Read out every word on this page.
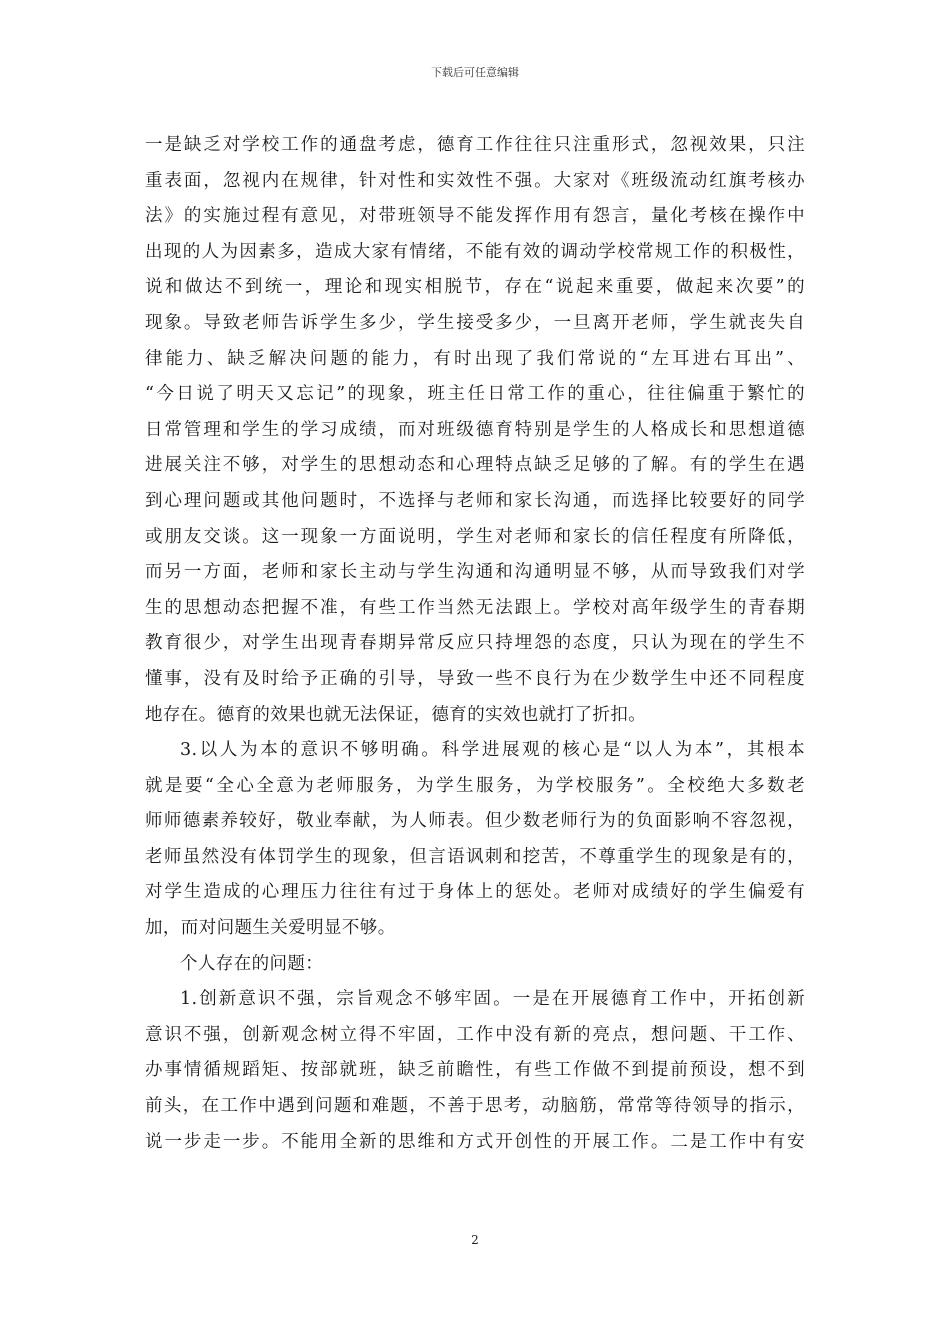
下载后可任意编辑
一是缺乏对学校工作的通盘考虑，德育工作往往只注重形式，忽视效果，只注
重表面，忽视内在规律，针对性和实效性不强。大家对《班级流动红旗考核办
法》的实施过程有意见，对带班领导不能发挥作用有怨言，量化考核在操作中
出现的人为因素多，造成大家有情绪，不能有效的调动学校常规工作的积极性，
说和做达不到统一，理论和现实相脱节，存在“说起来重要，做起来次要”的
现象。导致老师告诉学生多少，学生接受多少，一旦离开老师，学生就丧失自
律能力、缺乏解决问题的能力，有时出现了我们常说的“左耳进右耳出”、
“今日说了明天又忘记”的现象，班主任日常工作的重心，往往偏重于繁忙的
日常管理和学生的学习成绩，而对班级德育特别是学生的人格成长和思想道德
进展关注不够，对学生的思想动态和心理特点缺乏足够的了解。有的学生在遇
到心理问题或其他问题时，不选择与老师和家长沟通，而选择比较要好的同学
或朋友交谈。这一现象一方面说明，学生对老师和家长的信任程度有所降低，
而另一方面，老师和家长主动与学生沟通和沟通明显不够，从而导致我们对学
生的思想动态把握不准，有些工作当然无法跟上。学校对高年级学生的青春期
教育很少，对学生出现青春期异常反应只持埋怨的态度，只认为现在的学生不
懂事，没有及时给予正确的引导，导致一些不良行为在少数学生中还不同程度
地存在。德育的效果也就无法保证，德育的实效也就打了折扣。
3.以人为本的意识不够明确。科学进展观的核心是“以人为本”，其根本
就是要“全心全意为老师服务，为学生服务，为学校服务”。全校绝大多数老
师师德素养较好，敬业奉献，为人师表。但少数老师行为的负面影响不容忽视，
老师虽然没有体罚学生的现象，但言语讽刺和挖苦，不尊重学生的现象是有的，
对学生造成的心理压力往往有过于身体上的惩处。老师对成绩好的学生偏爱有
加，而对问题生关爱明显不够。
个人存在的问题：
1.创新意识不强，宗旨观念不够牢固。一是在开展德育工作中，开拓创新
意识不强，创新观念树立得不牢固，工作中没有新的亮点，想问题、干工作、
办事情循规蹈矩、按部就班，缺乏前瞻性，有些工作做不到提前预设，想不到
前头，在工作中遇到问题和难题，不善于思考，动脑筋，常常等待领导的指示，
说一步走一步。不能用全新的思维和方式开创性的开展工作。二是工作中有安
2
